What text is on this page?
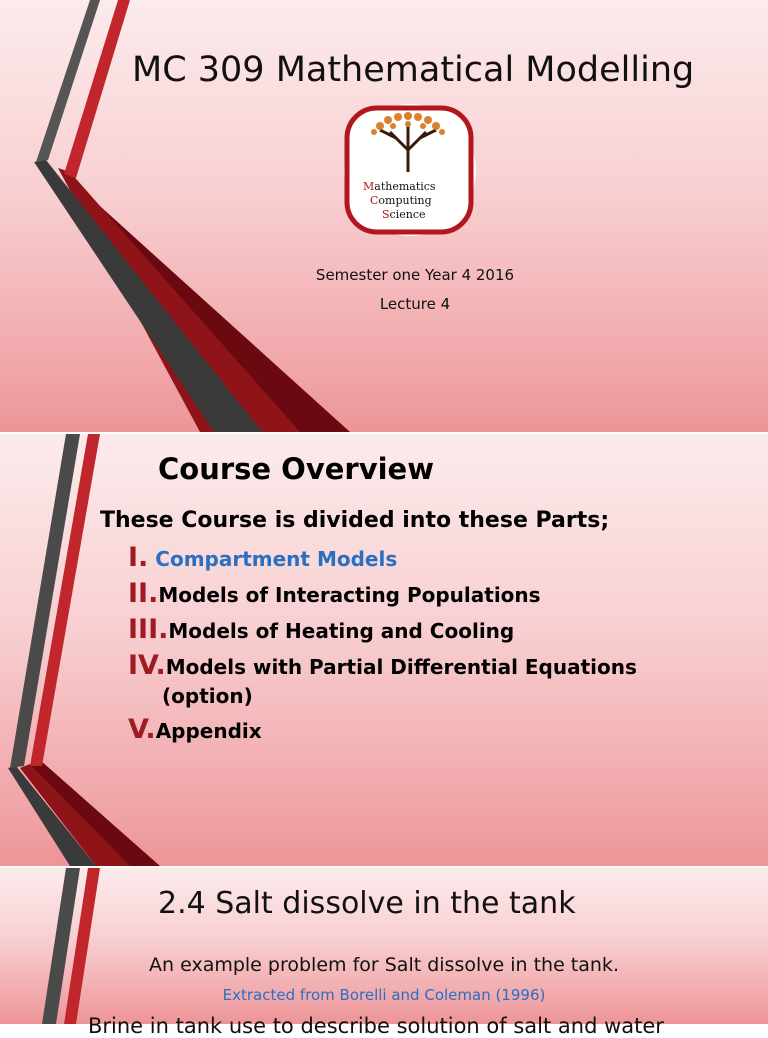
MC 309 Mathematical Modelling
Mathematics
Computing
Science
Semester one Year 4 2016
Lecture 4
Course Overview
These Course is divided into these Parts;
I. Compartment Models
II.Models of Interacting Populations
III.Models of Heating and Cooling
IV.Models with Partial Differential Equations
(option)
V.Appendix
2.4 Salt dissolve in the tank
An example problem for Salt dissolve in the tank.
Extracted from Borelli and Coleman (1996)
Brine in tank use to describe solution of salt and water
